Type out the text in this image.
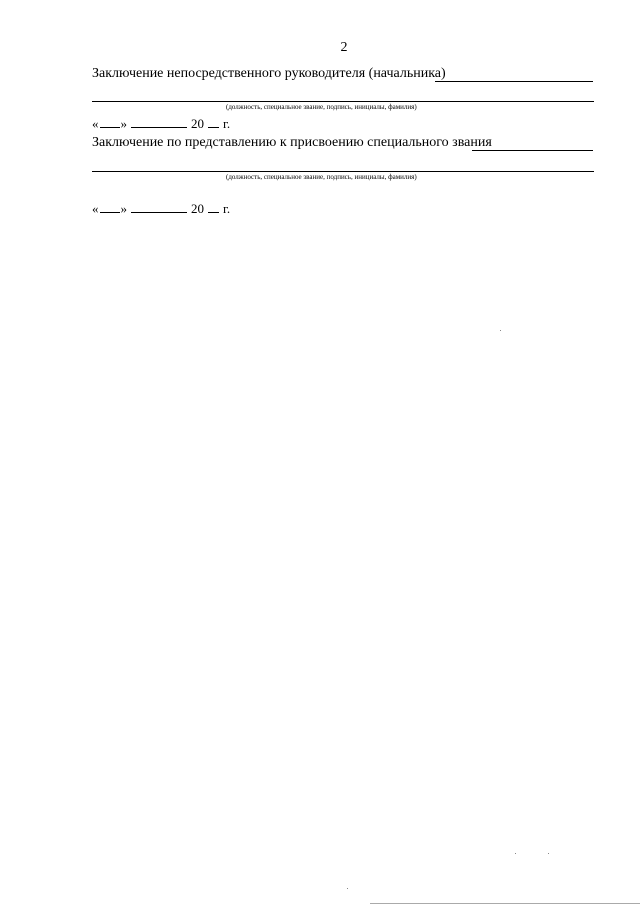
2
Заключение непосредственного руководителя (начальника)
(должность, специальное звание, подпись, инициалы, фамилия)
« »	20 г.
Заключение по представлению к присвоению специального звания
(должность, специальное звание, подпись, инициалы, фамилия)
« »	20 г.
